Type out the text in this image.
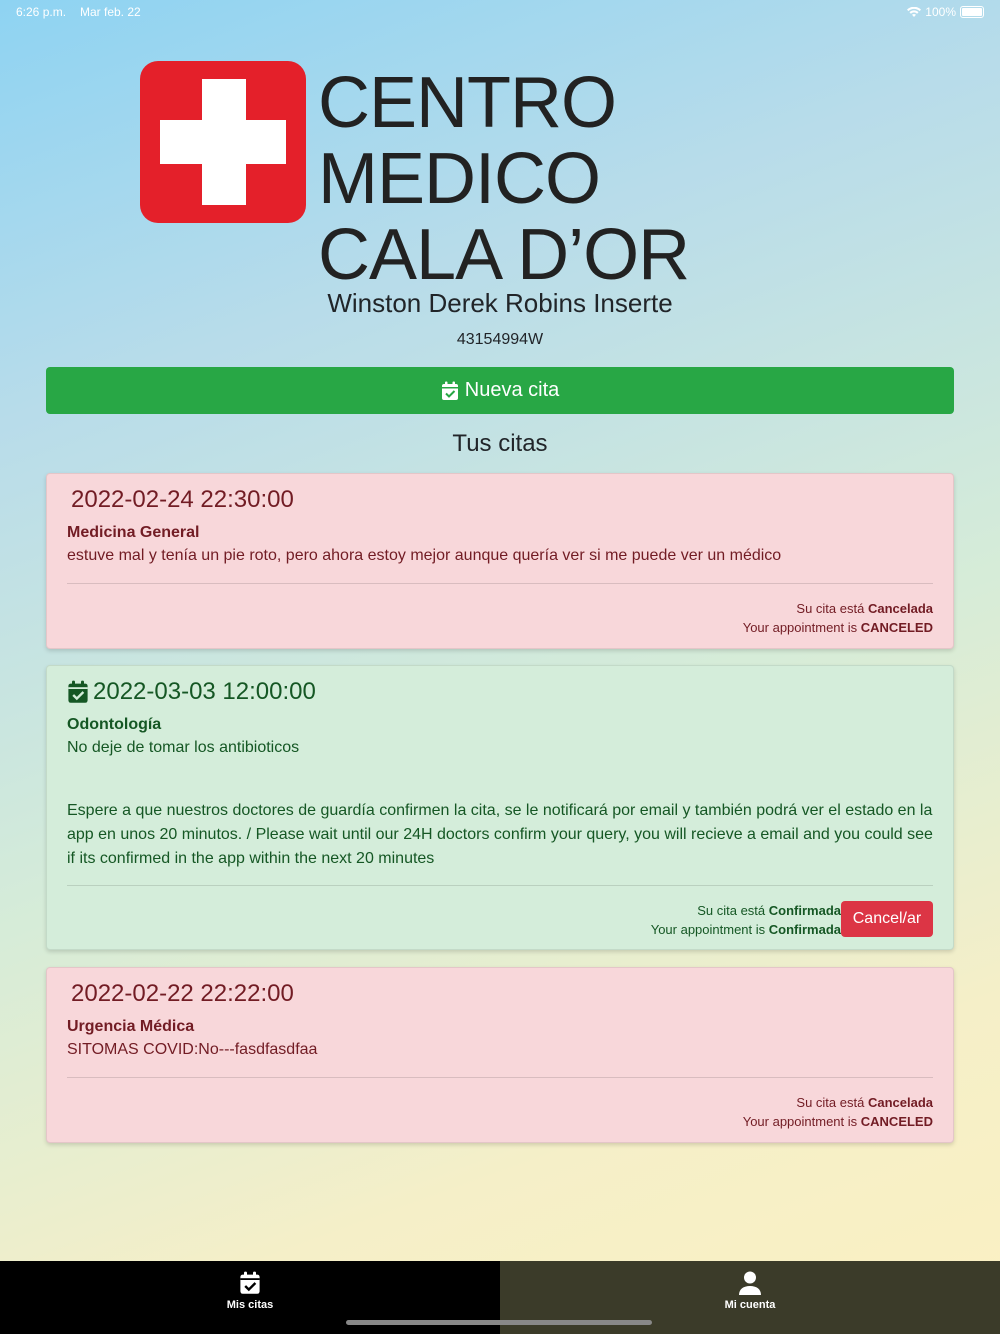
6:26 p.m. Mar feb. 22	100%
CENTRO MEDICO
CALA D’OR
Winston Derek Robins Inserte
43154994W
Nueva cita
Tus citas
2022-02-24 22:30:00
Medicina General
estuve mal y tenía un pie roto, pero ahora estoy mejor aunque quería ver si me puede ver un médico
Su cita está Cancelada
Your appointment is CANCELED
2022-03-03 12:00:00
Odontología
No deje de tomar los antibioticos
Espere a que nuestros doctores de guardía confirmen la cita, se le notificará por email y también podrá ver el estado en la app en unos 20 minutos. / Please wait until our 24H doctors confirm your query, you will recieve a email and you could see if its confirmed in the app within the next 20 minutes
Su cita está Confirmada
Your appointment is Confirmada
Cancel/ar
2022-02-22 22:22:00
Urgencia Médica
SITOMAS COVID:No---fasdfasdfaa
Su cita está Cancelada
Your appointment is CANCELED
Mis citas	Mi cuenta
